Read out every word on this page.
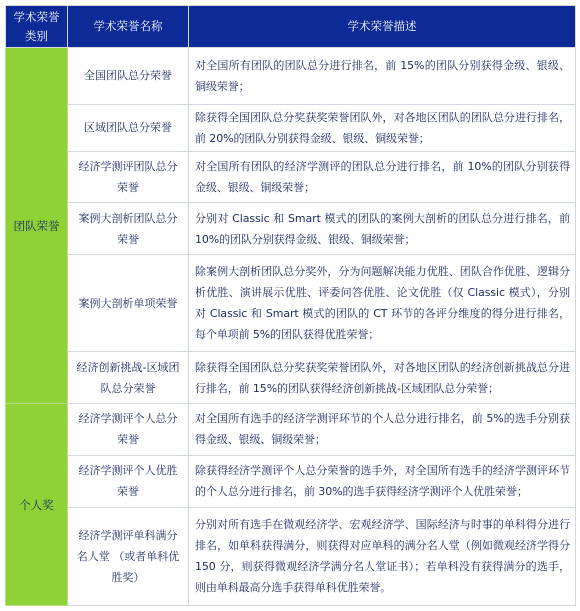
学术荣誉类别	学术荣誉名称	学术荣誉描述
团队荣誉	全国团队总分荣誉	对全国所有团队的团队总分进行排名，前 15%的团队分别获得金级、银级、铜级荣誉；
	区域团队总分荣誉	除获得全国团队总分奖获奖荣誉团队外，对各地区团队的团队总分进行排名，前 20%的团队分别获得金级、银级、铜级荣誉；
	经济学测评团队总分荣誉	对全国所有团队的经济学测评的团队总分进行排名，前 10%的团队分别获得金级、银级、铜级荣誉；
	案例大剖析团队总分荣誉	分别对 Classic 和 Smart 模式的团队的案例大剖析的团队总分进行排名，前 10%的团队分别获得金级、银级、铜级荣誉；
	案例大剖析单项荣誉	除案例大剖析团队总分奖外，分为问题解决能力优胜、团队合作优胜、逻辑分析优胜、演讲展示优胜、评委问答优胜、论文优胜（仅 Classic 模式），分别对 Classic 和 Smart 模式的团队的 CT 环节的各评分维度的得分进行排名，每个单项前 5%的团队获得优胜荣誉；
	经济创新挑战-区域团队总分荣誉	除获得全国团队总分奖获奖荣誉团队外，对各地区团队的经济创新挑战总分进行排名，前 15%的团队获得经济创新挑战-区域团队总分荣誉；
个人奖	经济学测评个人总分荣誉	对全国所有选手的经济学测评环节的个人总分进行排名，前 5%的选手分别获得金级、银级、铜级荣誉；
	经济学测评个人优胜荣誉	除获得经济学测评个人总分荣誉的选手外，对全国所有选手的经济学测评环节的个人总分进行排名，前 30%的选手获得经济学测评个人优胜荣誉；
	经济学测评单科满分名人堂 （或者单科优胜奖）	分别对所有选手在微观经济学、宏观经济学、国际经济与时事的单科得分进行排名，如单科获得满分，则获得对应单科的满分名人堂（例如微观经济学得分 150 分，则获得微观经济学满分名人堂证书）；若单科没有获得满分的选手，则由单科最高分选手获得单科优胜荣誉。
